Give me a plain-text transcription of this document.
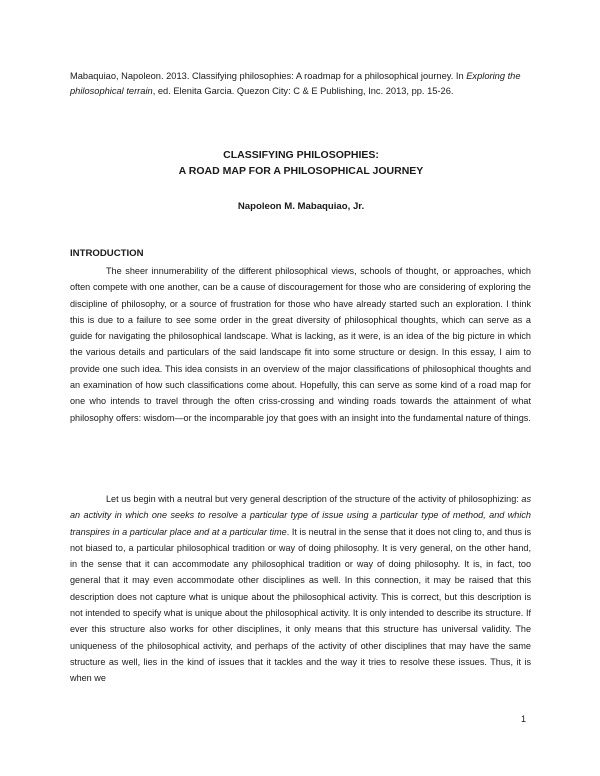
Mabaquiao, Napoleon. 2013. Classifying philosophies: A roadmap for a philosophical journey. In Exploring the philosophical terrain, ed. Elenita Garcia. Quezon City: C & E Publishing, Inc. 2013, pp. 15-26.
CLASSIFYING PHILOSOPHIES:
A ROAD MAP FOR A PHILOSOPHICAL JOURNEY
Napoleon M. Mabaquiao, Jr.
INTRODUCTION

The sheer innumerability of the different philosophical views, schools of thought, or approaches, which often compete with one another, can be a cause of discouragement for those who are considering of exploring the discipline of philosophy, or a source of frustration for those who have already started such an exploration. I think this is due to a failure to see some order in the great diversity of philosophical thoughts, which can serve as a guide for navigating the philosophical landscape. What is lacking, as it were, is an idea of the big picture in which the various details and particulars of the said landscape fit into some structure or design. In this essay, I aim to provide one such idea. This idea consists in an overview of the major classifications of philosophical thoughts and an examination of how such classifications come about. Hopefully, this can serve as some kind of a road map for one who intends to travel through the often criss-crossing and winding roads towards the attainment of what philosophy offers: wisdom—or the incomparable joy that goes with an insight into the fundamental nature of things.

Let us begin with a neutral but very general description of the structure of the activity of philosophizing: as an activity in which one seeks to resolve a particular type of issue using a particular type of method, and which transpires in a particular place and at a particular time. It is neutral in the sense that it does not cling to, and thus is not biased to, a particular philosophical tradition or way of doing philosophy. It is very general, on the other hand, in the sense that it can accommodate any philosophical tradition or way of doing philosophy. It is, in fact, too general that it may even accommodate other disciplines as well. In this connection, it may be raised that this description does not capture what is unique about the philosophical activity. This is correct, but this description is not intended to specify what is unique about the philosophical activity. It is only intended to describe its structure. If ever this structure also works for other disciplines, it only means that this structure has universal validity. The uniqueness of the philosophical activity, and perhaps of the activity of other disciplines that may have the same structure as well, lies in the kind of issues that it tackles and the way it tries to resolve these issues. Thus, it is when we

1
